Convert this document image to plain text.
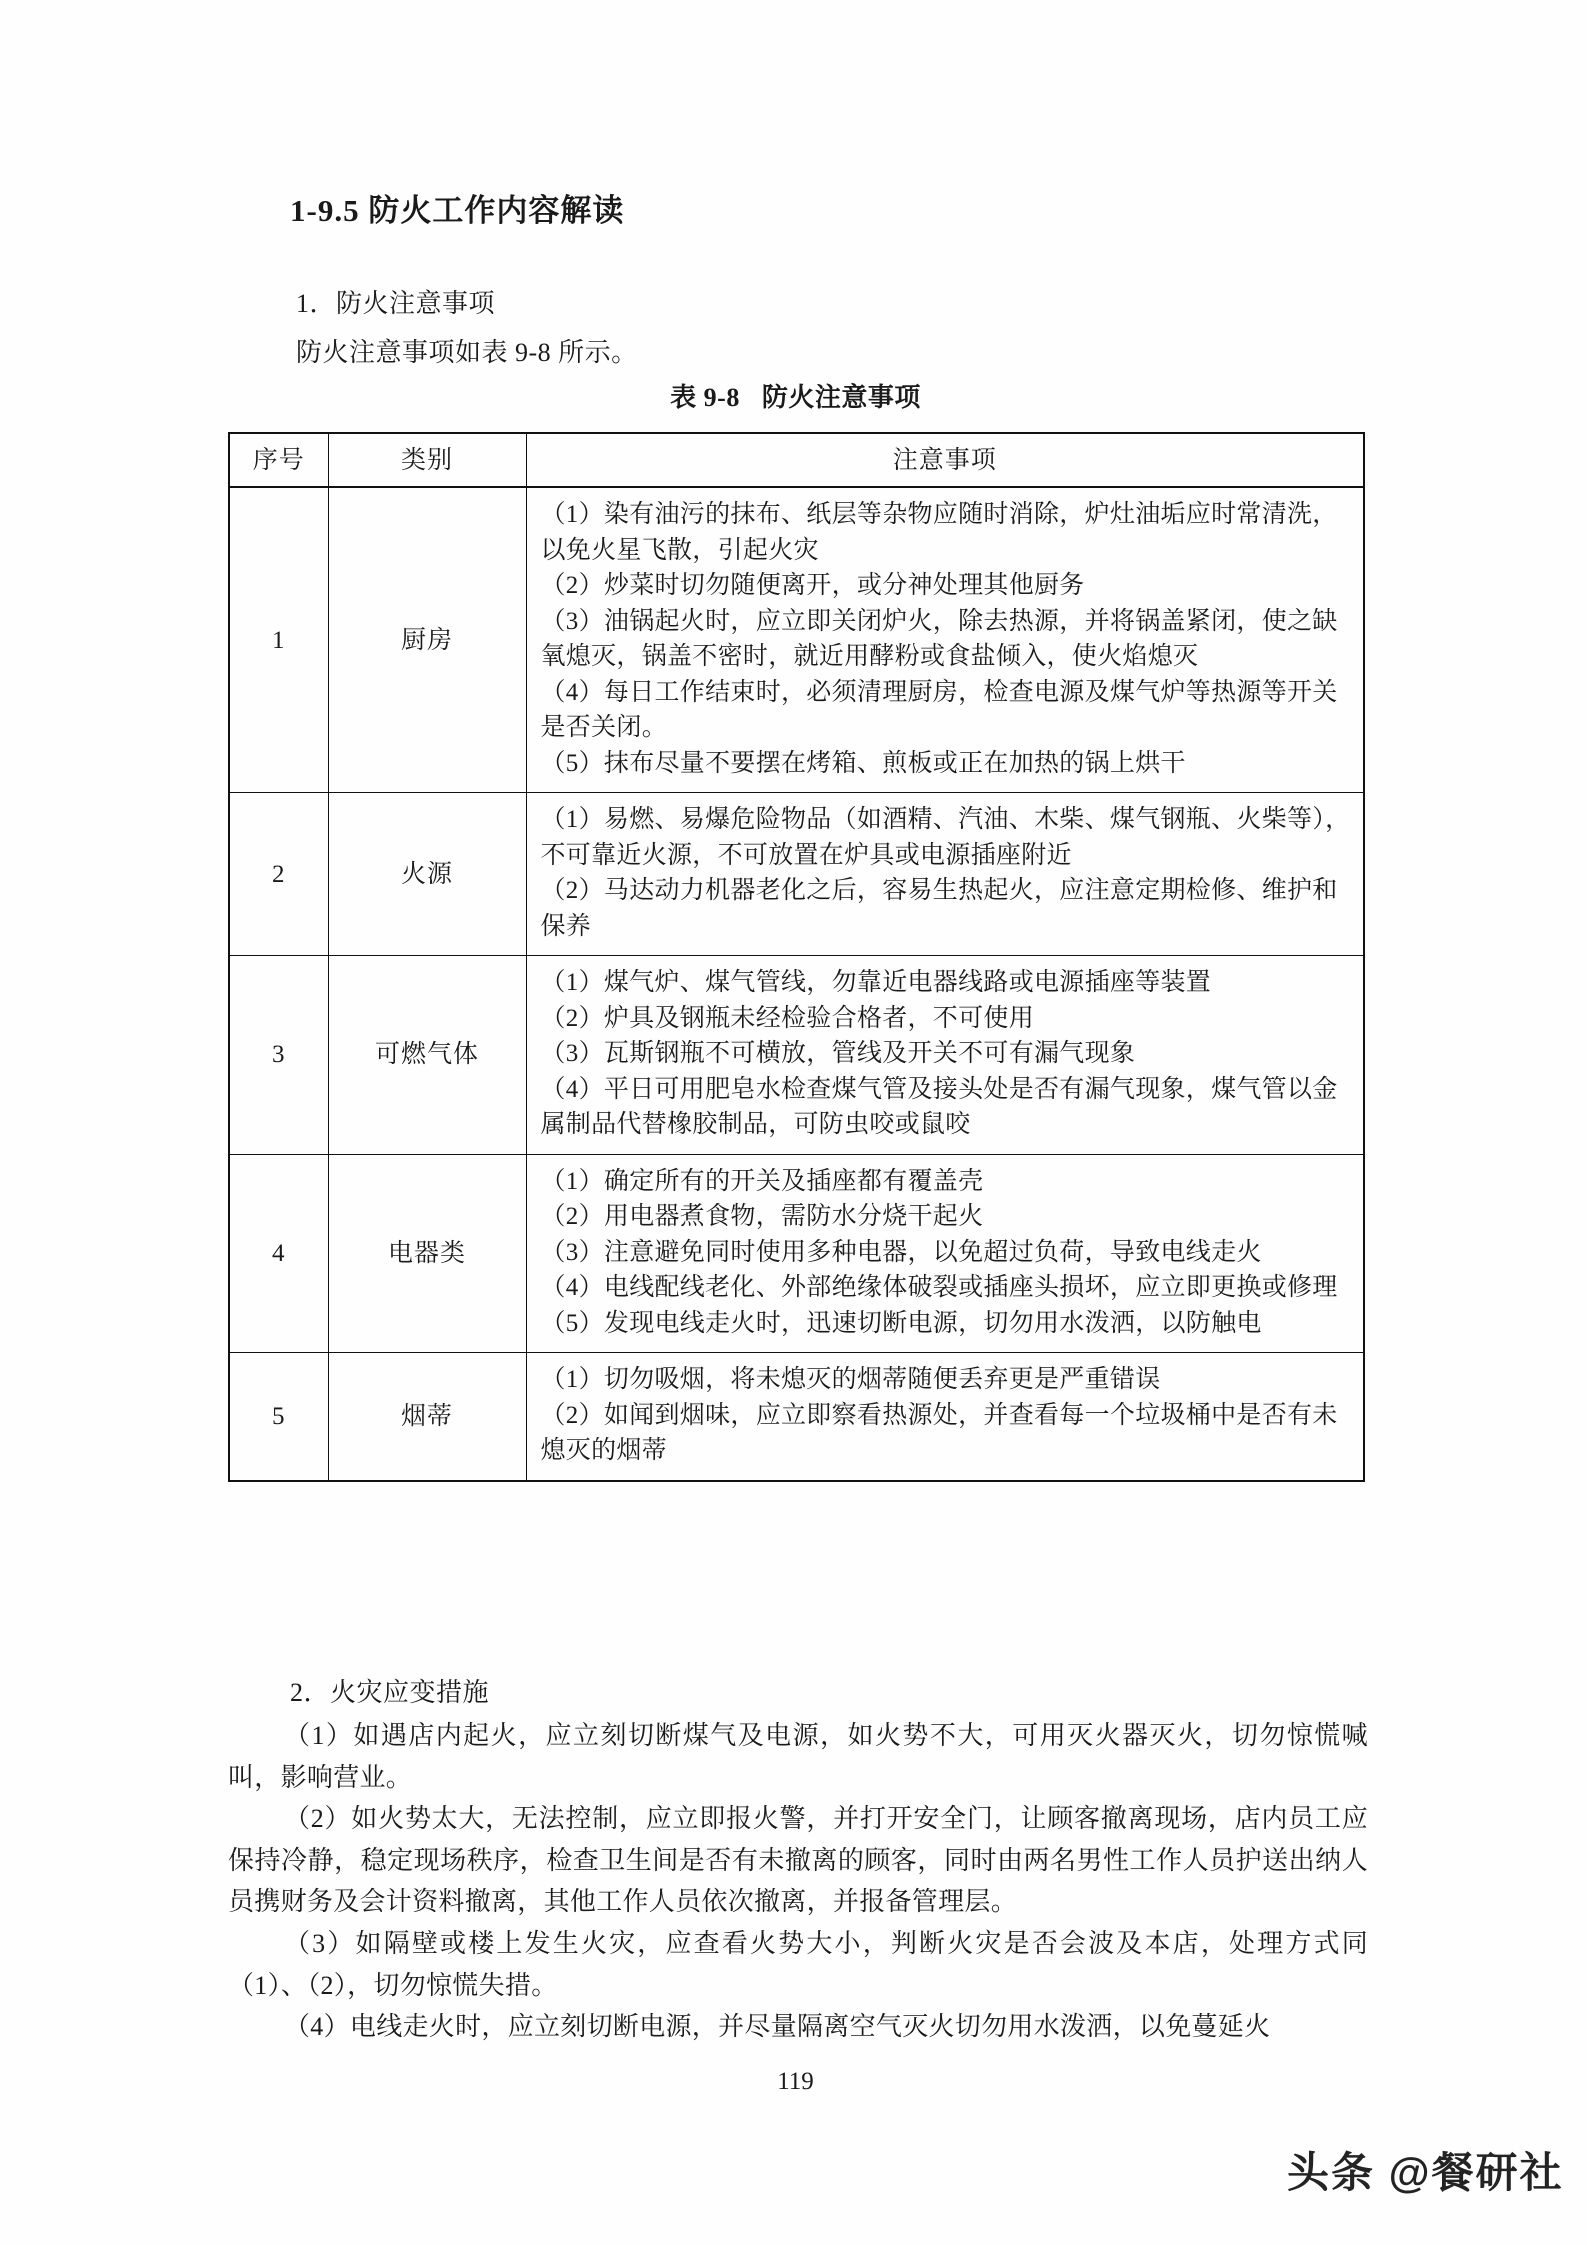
1-9.5 防火工作内容解读
1．防火注意事项
防火注意事项如表 9-8 所示。
表 9-8 防火注意事项
序号	类别	注意事项
1	厨房	（1）染有油污的抹布、纸层等杂物应随时消除，炉灶油垢应时常清洗，以免火星飞散，引起火灾
（2）炒菜时切勿随便离开，或分神处理其他厨务
（3）油锅起火时，应立即关闭炉火，除去热源，并将锅盖紧闭，使之缺氧熄灭，锅盖不密时，就近用酵粉或食盐倾入，使火焰熄灭
（4）每日工作结束时，必须清理厨房，检查电源及煤气炉等热源等开关是否关闭。
（5）抹布尽量不要摆在烤箱、煎板或正在加热的锅上烘干

2	火源	（1）易燃、易爆危险物品（如酒精、汽油、木柴、煤气钢瓶、火柴等），不可靠近火源，不可放置在炉具或电源插座附近
（2）马达动力机器老化之后，容易生热起火，应注意定期检修、维护和保养

3	可燃气体	（1）煤气炉、煤气管线，勿靠近电器线路或电源插座等装置
（2）炉具及钢瓶未经检验合格者，不可使用
（3）瓦斯钢瓶不可横放，管线及开关不可有漏气现象
（4）平日可用肥皂水检查煤气管及接头处是否有漏气现象，煤气管以金属制品代替橡胶制品，可防虫咬或鼠咬

4	电器类	（1）确定所有的开关及插座都有覆盖壳
（2）用电器煮食物，需防水分烧干起火
（3）注意避免同时使用多种电器，以免超过负荷，导致电线走火
（4）电线配线老化、外部绝缘体破裂或插座头损坏，应立即更换或修理
（5）发现电线走火时，迅速切断电源，切勿用水泼洒，以防触电

5	烟蒂	（1）切勿吸烟，将未熄灭的烟蒂随便丢弃更是严重错误
（2）如闻到烟味，应立即察看热源处，并查看每一个垃圾桶中是否有未熄灭的烟蒂
2．火灾应变措施

（1）如遇店内起火，应立刻切断煤气及电源，如火势不大，可用灭火器灭火，切勿惊慌喊叫，影响营业。

（2）如火势太大，无法控制，应立即报火警，并打开安全门，让顾客撤离现场，店内员工应保持冷静，稳定现场秩序，检查卫生间是否有未撤离的顾客，同时由两名男性工作人员护送出纳人员携财务及会计资料撤离，其他工作人员依次撤离，并报备管理层。

（3）如隔壁或楼上发生火灾，应查看火势大小，判断火灾是否会波及本店，处理方式同（1）、（2），切勿惊慌失措。

（4）电线走火时，应立刻切断电源，并尽量隔离空气灭火切勿用水泼洒，以免蔓延火

119
头条 @餐研社
